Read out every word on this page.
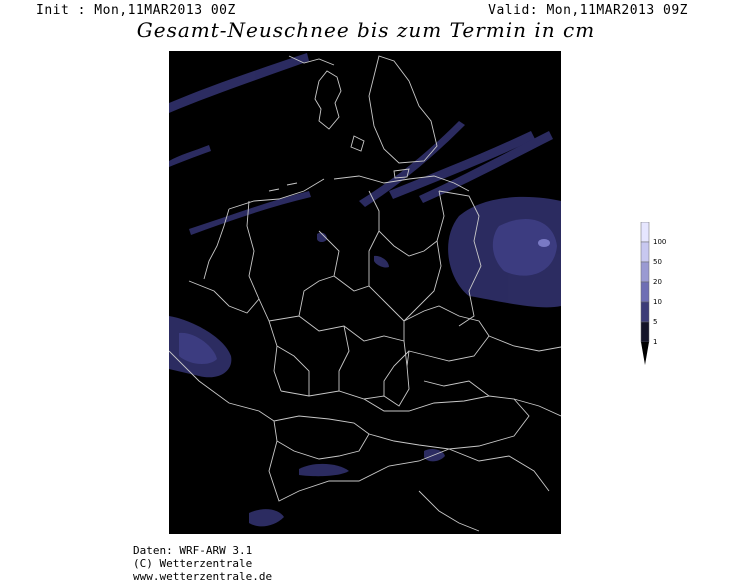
Init : Mon,11MAR2013 00Z	Valid: Mon,11MAR2013 09Z
Gesamt-Neuschnee bis zum Termin in cm
100
50
20
10
5
1
Daten: WRF-ARW 3.1
(C) Wetterzentrale
www.wetterzentrale.de
